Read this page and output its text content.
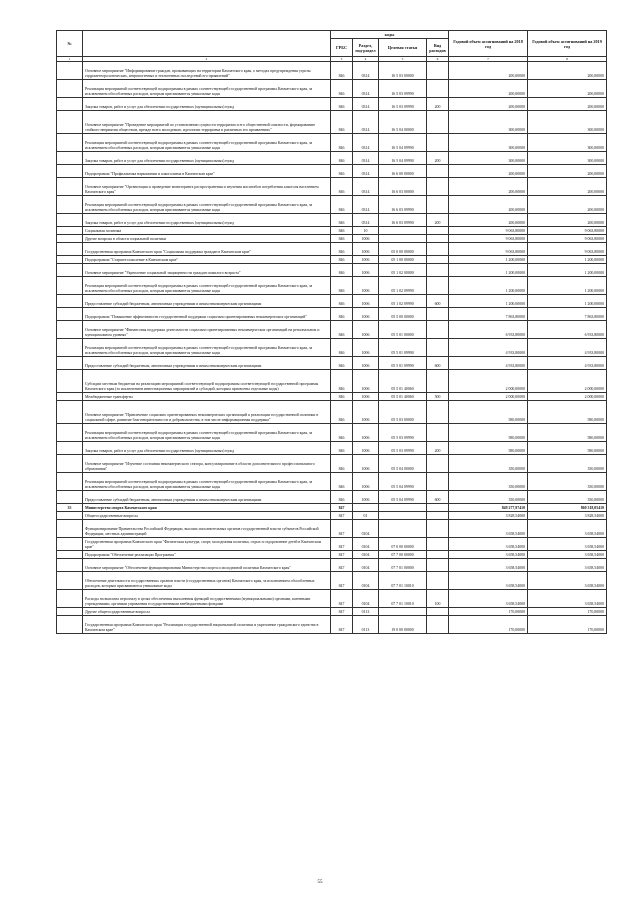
№		коды				Годовой объем ассигнований на 2018 год	Годовой объем ассигнований на 2019 год
		ГРБС	Раздел, под-раздел	Целевая статья	Вид расходов		
1	2	3	4	5	6	7	8
	Основное мероприятие "Информирование граждан, проживающих на территории Камчатского края, о методах предупреждения угрозы гидрометеорологических, антропогенных и техногенных последствий его проявлений"	846	0314	16 5 03 00000		200,00000	200,00000
	Реализация мероприятий соответствующей подпрограммы в рамках соответствующей государственной программы Камчатского края, за исключением обособленных расходов, которым присваиваются уникальные коды	846	0314	16 5 03 09990		200,00000	200,00000
	Закупка товаров, работ и услуг для обеспечения государственных (муниципальных) нужд	846	0314	16 5 03 09990	200	200,00000	200,00000
	Основное мероприятие "Проведение мероприятий по установлению сущности терроризма и его общественной опасности, формированию стойкого неприятия обществом, прежде всего молодежью, идеологии терроризма в различных его проявлениях"	846	0314	16 5 04 00000		300,00000	300,00000
	Реализация мероприятий соответствующей подпрограммы в рамках соответствующей государственной программы Камчатского края, за исключением обособленных расходов, которым присваиваются уникальные коды	846	0314	16 5 04 09990		300,00000	300,00000
	Закупка товаров, работ и услуг для обеспечения государственных (муниципальных) нужд	846	0314	16 5 04 09990	200	300,00000	300,00000
	Подпрограмма "Профилактика наркомании и алкоголизма в Камчатском крае"	846	0314	16 6 00 00000		200,00000	200,00000
	Основное мероприятие "Организация и проведение мониторинга распространения и изучения масштабов потребления алкоголя населением Камчатского края"	846	0314	16 6 03 00000		200,00000	200,00000
	Реализация мероприятий соответствующей подпрограммы в рамках соответствующей государственной программы Камчатского края, за исключением обособленных расходов, которым присваиваются уникальные коды	846	0314	16 6 03 09990		200,00000	200,00000
	Закупка товаров, работ и услуг для обеспечения государственных (муниципальных) нужд	846	0314	16 6 03 09990	200	200,00000	200,00000
	Социальная политика	846	10			9 063,80000	9 063,80000
	Другие вопросы в области социальной политики	846	1006			9 063,80000	9 063,80000
	Государственная программа Камчатского края "Социальная поддержка граждан в Камчатском крае"	846	1006	05 0 00 00000		9 063,80000	9 063,80000
	Подпрограмма "Старшее поколение в Камчатском крае"	846	1006	05 1 00 00000		1 200,00000	1 200,00000
	Основное мероприятие "Укрепление социальной защищенности граждан пожилого возраста"	846	1006	05 1 02 00000		1 200,00000	1 200,00000
	Реализация мероприятий соответствующей подпрограммы в рамках соответствующей государственной программы Камчатского края, за исключением обособленных расходов, которым присваиваются уникальные коды	846	1006	05 1 02 09990		1 200,00000	1 200,00000
	Предоставление субсидий бюджетным, автономным учреждениям и иным некоммерческим организациям	846	1006	05 1 02 09990	600	1 200,00000	1 200,00000
	Подпрограмма "Повышение эффективности государственной поддержки социально ориентированных некоммерческих организаций"	846	1006	05 5 00 00000		7 863,80000	7 863,80000
	Основное мероприятие "Финансовая поддержка деятельности социально ориентированных некоммерческих организаций на региональном и муниципальном уровнях"	846	1006	05 5 01 00000		6 933,80000	6 933,80000
	Реализация мероприятий соответствующей подпрограммы в рамках соответствующей государственной программы Камчатского края, за исключением обособленных расходов, которым присваиваются уникальные коды	846	1006	05 5 01 09990		4 933,80000	4 933,80000
	Предоставление субсидий бюджетным, автономным учреждениям и иным некоммерческим организациям	846	1006	05 5 01 09990	600	4 933,80000	4 933,80000
	Субсидии местным бюджетам на реализацию мероприятий соответствующей подпрограммы соответствующей государственной программы Камчатского края (за исключением инвестиционных мероприятий и субсидий, которым присвоены отдельные коды)	846	1006	05 5 01 40060		2 000,00000	2 000,00000
	Межбюджетные трансферты	846	1006	05 5 01 40060	500	2 000,00000	2 000,00000
	Основное мероприятие "Привлечение социально ориентированных некоммерческих организаций к реализации государственной политики в социальной сфере, развитие благотворительности и добровольчества, в том числе информационная поддержка"	846	1006	05 5 03 00000		580,00000	580,00000
	Реализация мероприятий соответствующей подпрограммы в рамках соответствующей государственной программы Камчатского края, за исключением обособленных расходов, которым присваиваются уникальные коды	846	1006	05 5 03 09990		580,00000	580,00000
	Закупка товаров, работ и услуг для обеспечения государственных (муниципальных) нужд	846	1006	05 5 03 09990	200	580,00000	580,00000
	Основное мероприятие "Изучение состояния некоммерческого сектора, консультирование в области дополнительного профессионального образования"	846	1006	05 5 04 00000		350,00000	350,00000
	Реализация мероприятий соответствующей подпрограммы в рамках соответствующей государственной программы Камчатского края, за исключением обособленных расходов, которым присваиваются уникальные коды	846	1006	05 5 04 09990		350,00000	350,00000
	Предоставление субсидий бюджетным, автономным учреждениям и иным некоммерческим организациям	846	1006	05 5 04 09990	600	350,00000	350,00000
35	Министерство спорта Камчатского края	847				849 277,97410	860 318,05410
	Общегосударственные вопросы	847	01			3 828,54000	3 828,54000
	Функционирование Правительства Российской Федерации, высших исполнительных органов государственной власти субъектов Российской Федерации, местных администраций	847	0104			3 658,54000	3 658,54000
	Государственная программа Камчатского края "Физическая культура, спорт, молодежная политика, отдых и оздоровление детей в Камчатском крае"	847	0104	07 0 00 00000		3 658,54000	3 658,54000
	Подпрограмма "Обеспечение реализации Программы"	847	0104	07 7 00 00000		3 658,54000	3 658,54000
	Основное мероприятие "Обеспечение функционирования Министерства спорта и молодежной политики Камчатского края"	847	0104	07 7 01 00000		3 658,54000	3 658,54000
	Обеспечение деятельности государственных органов власти (государственных органов) Камчатского края, за исключением обособленных расходов, которым присваиваются уникальные коды	847	0104	07 7 01 10010		3 658,54000	3 658,54000
	Расходы на выплаты персоналу в целях обеспечения выполнения функций государственными (муниципальными) органами, казенными учреждениями, органами управления государственными внебюджетными фондами	847	0104	07 7 01 10010	100	3 658,54000	3 658,54000
	Другие общегосударственные вопросы	847	0113			170,00000	170,00000
	Государственная программа Камчатского края "Реализация государственной национальной политики и укрепление гражданского единства в Камчатском крае"	847	0113	19 0 00 00000		170,00000	170,00000
55
